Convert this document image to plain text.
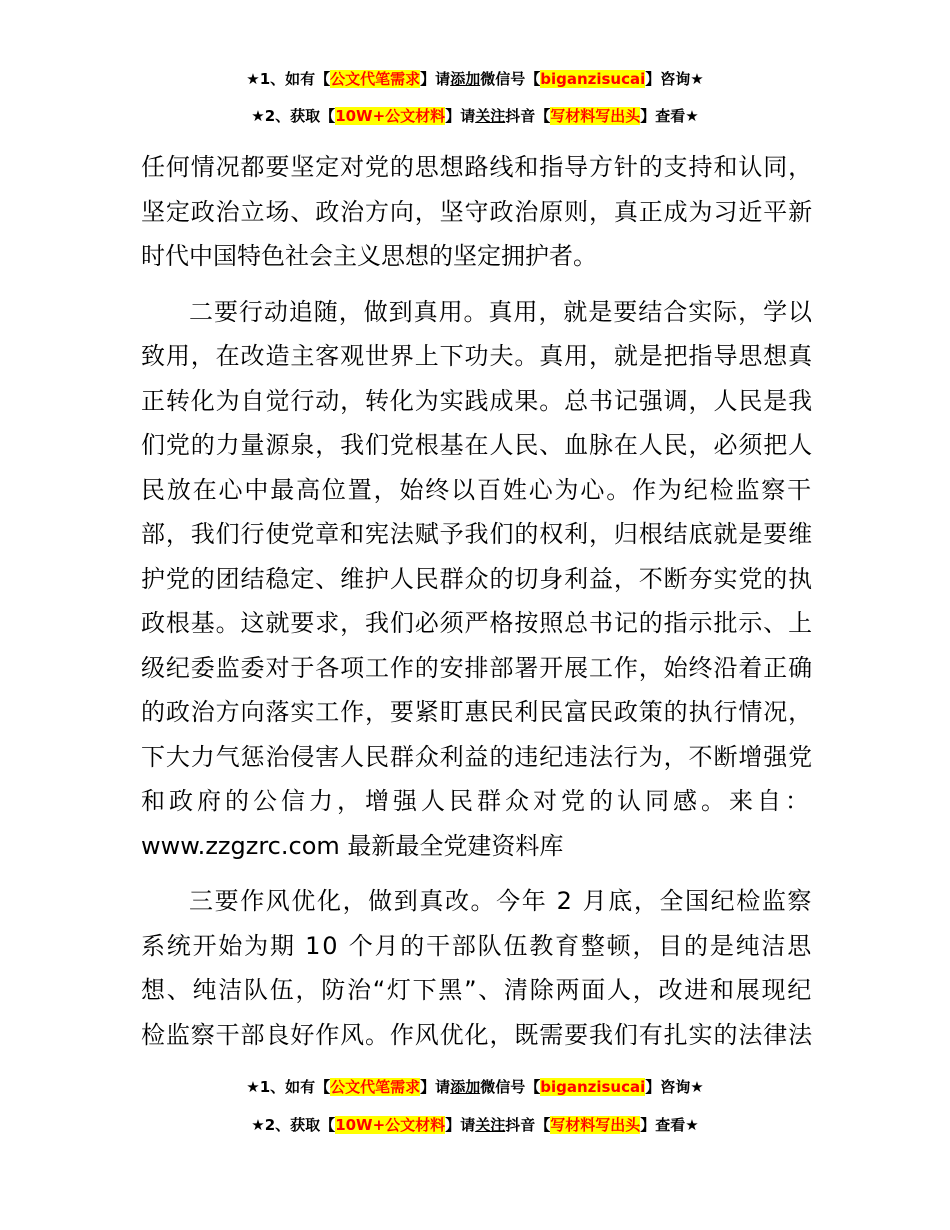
★1、如有【公文代笔需求】请添加微信号【biganzisucai】咨询★
★2、获取【10W+公文材料】请关注抖音【写材料写出头】查看★
任何情况都要坚定对党的思想路线和指导方针的支持和认同，
坚定政治立场、政治方向，坚守政治原则，真正成为习近平新
时代中国特色社会主义思想的坚定拥护者。
二要行动追随，做到真用。真用，就是要结合实际，学以
致用，在改造主客观世界上下功夫。真用，就是把指导思想真
正转化为自觉行动，转化为实践成果。总书记强调，人民是我
们党的力量源泉，我们党根基在人民、血脉在人民，必须把人
民放在心中最高位置，始终以百姓心为心。作为纪检监察干
部，我们行使党章和宪法赋予我们的权利，归根结底就是要维
护党的团结稳定、维护人民群众的切身利益，不断夯实党的执
政根基。这就要求，我们必须严格按照总书记的指示批示、上
级纪委监委对于各项工作的安排部署开展工作，始终沿着正确
的政治方向落实工作，要紧盯惠民利民富民政策的执行情况，
下大力气惩治侵害人民群众利益的违纪违法行为，不断增强党
和政府的公信力，增强人民群众对党的认同感。来自：
www.zzgzrc.com 最新最全党建资料库
三要作风优化，做到真改。今年 2 月底，全国纪检监察
系统开始为期 10 个月的干部队伍教育整顿，目的是纯洁思
想、纯洁队伍，防治“灯下黑”、清除两面人，改进和展现纪
检监察干部良好作风。作风优化，既需要我们有扎实的法律法
★1、如有【公文代笔需求】请添加微信号【biganzisucai】咨询★
★2、获取【10W+公文材料】请关注抖音【写材料写出头】查看★
